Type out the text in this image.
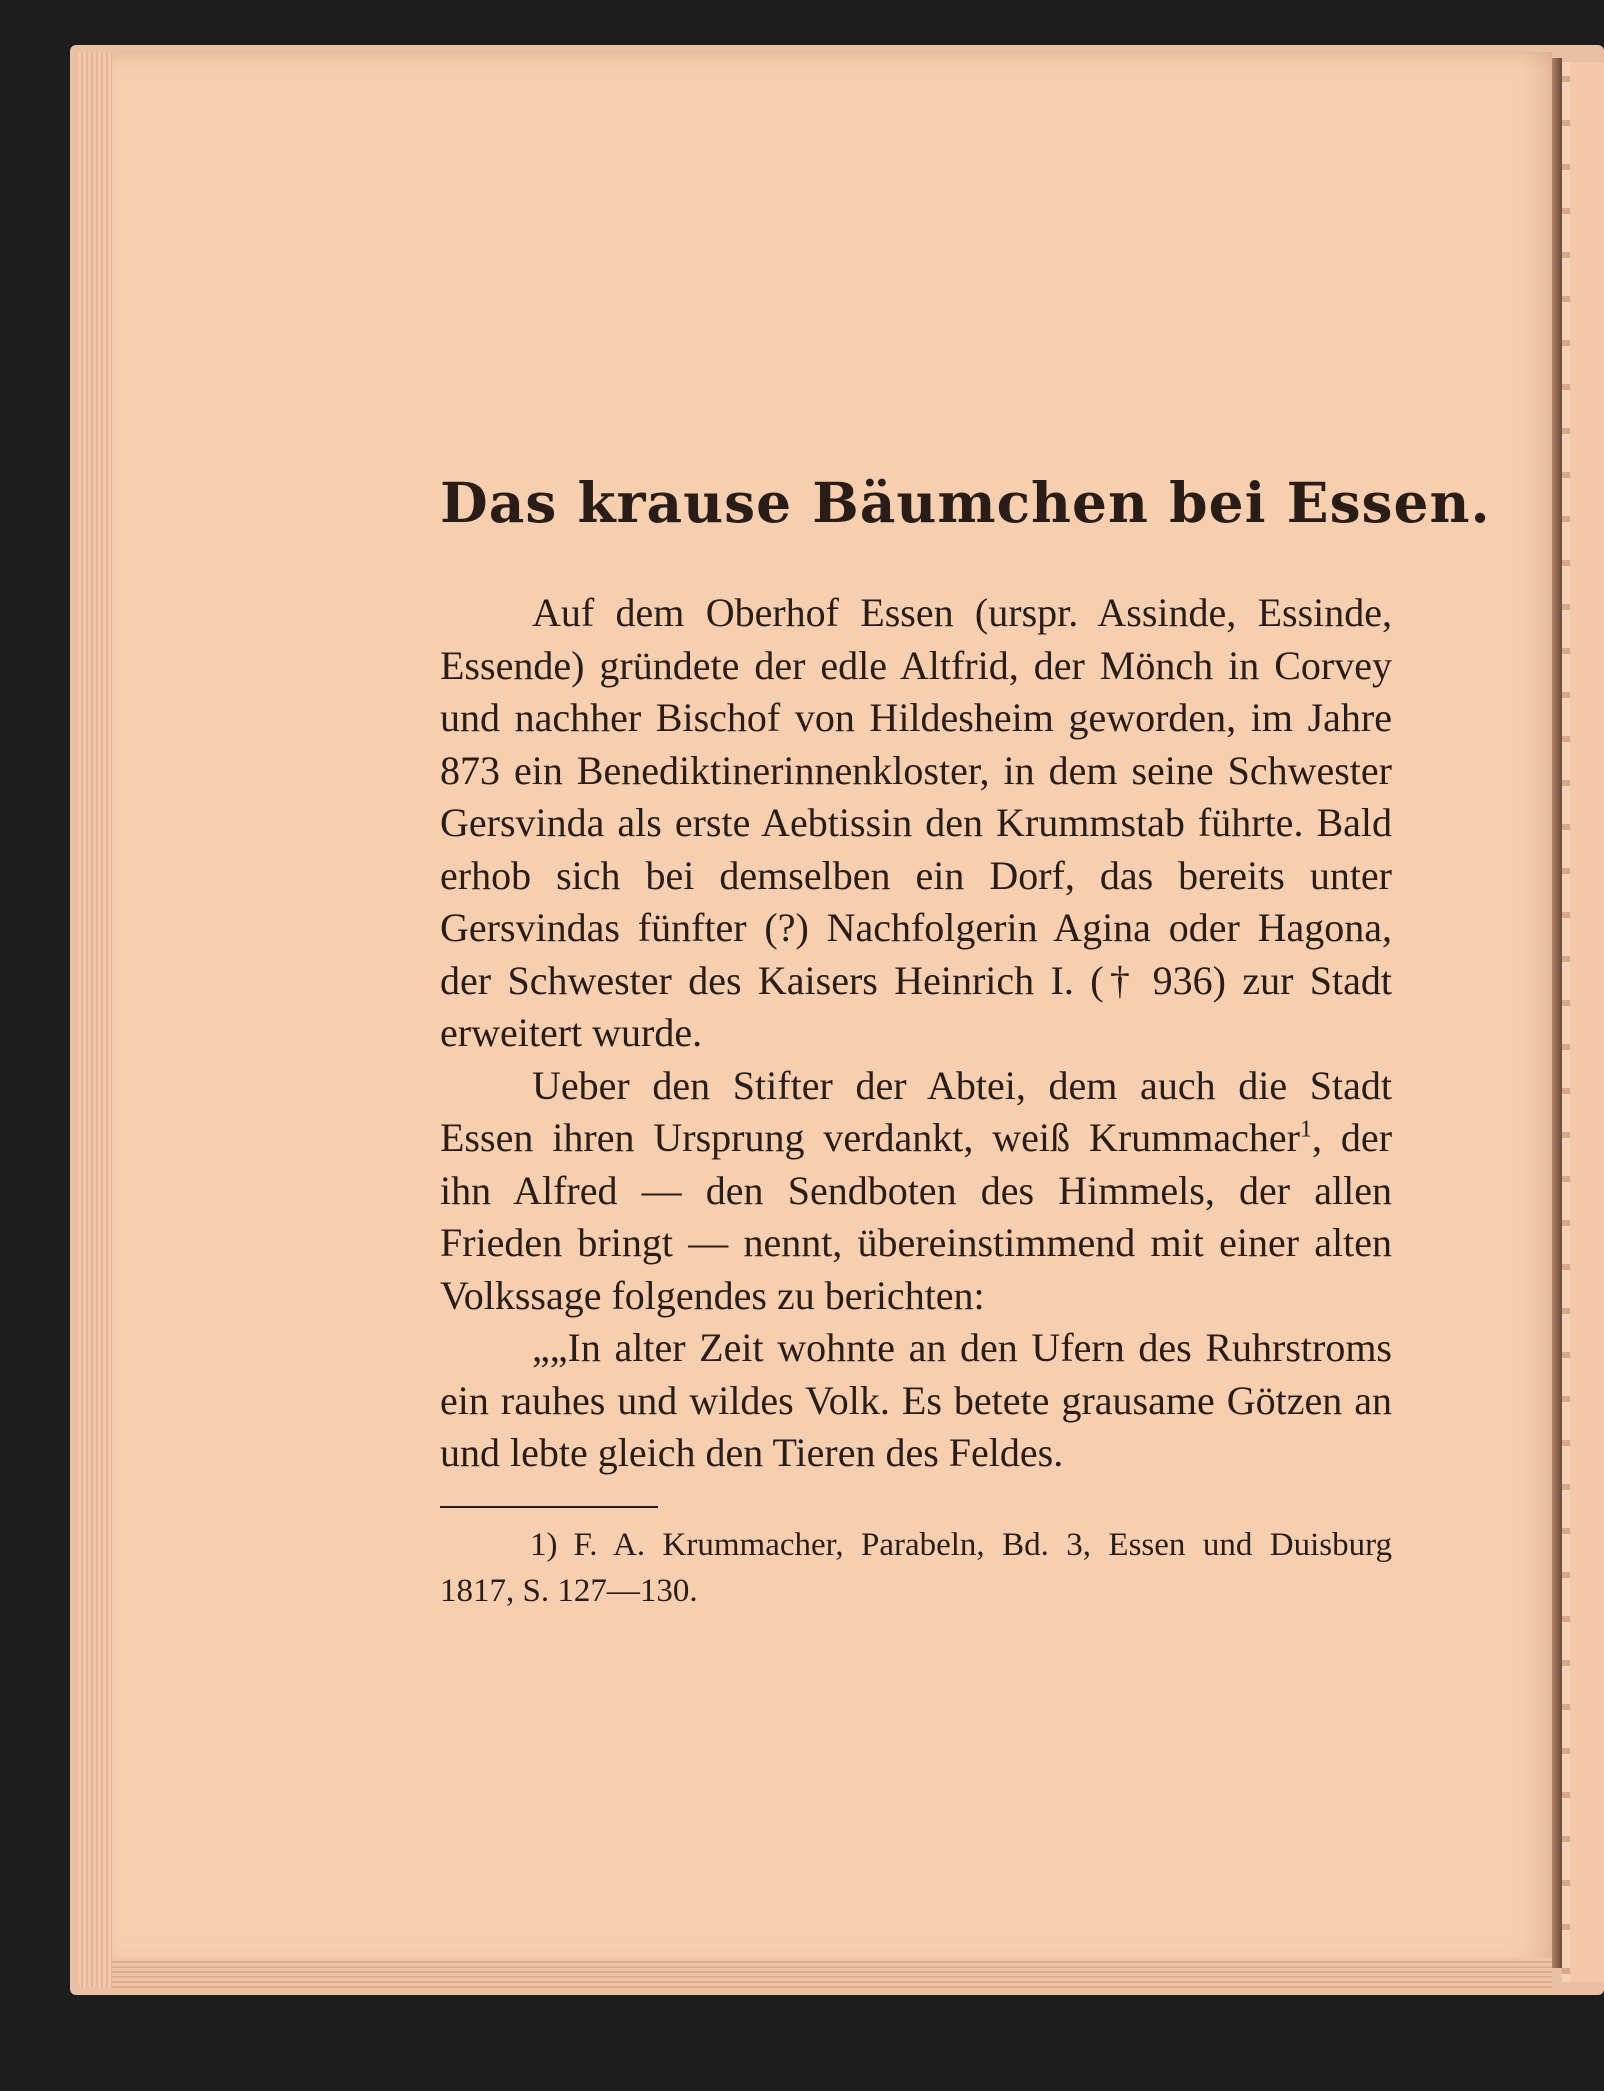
Das krause Bäumchen bei Essen.

Auf dem Oberhof Essen (urspr. Assinde, Essinde, Essende) gründete der edle Altfrid, der Mönch in Corvey und nachher Bischof von Hildesheim geworden, im Jahre 873 ein Benediktinerinnenkloster, in dem seine Schwester Gersvinda als erste Aebtissin den Krummstab führte. Bald erhob sich bei demselben ein Dorf, das bereits unter Gersvindas fünfter (?) Nachfolgerin Agina oder Hagona, der Schwester des Kaisers Heinrich I. († 936) zur Stadt erweitert wurde.

Ueber den Stifter der Abtei, dem auch die Stadt Essen ihren Ursprung verdankt, weiß Krummacher$^1$, der ihn Alfred — den Sendboten des Himmels, der allen Frieden bringt — nennt, übereinstimmend mit einer alten Volkssage folgendes zu berichten:

„„In alter Zeit wohnte an den Ufern des Ruhrstroms ein rauhes und wildes Volk. Es betete grausame Götzen an und lebte gleich den Tieren des Feldes.

1) F. A. Krummacher, Parabeln, Bd. 3, Essen und Duisburg 1817, S. 127—130.
